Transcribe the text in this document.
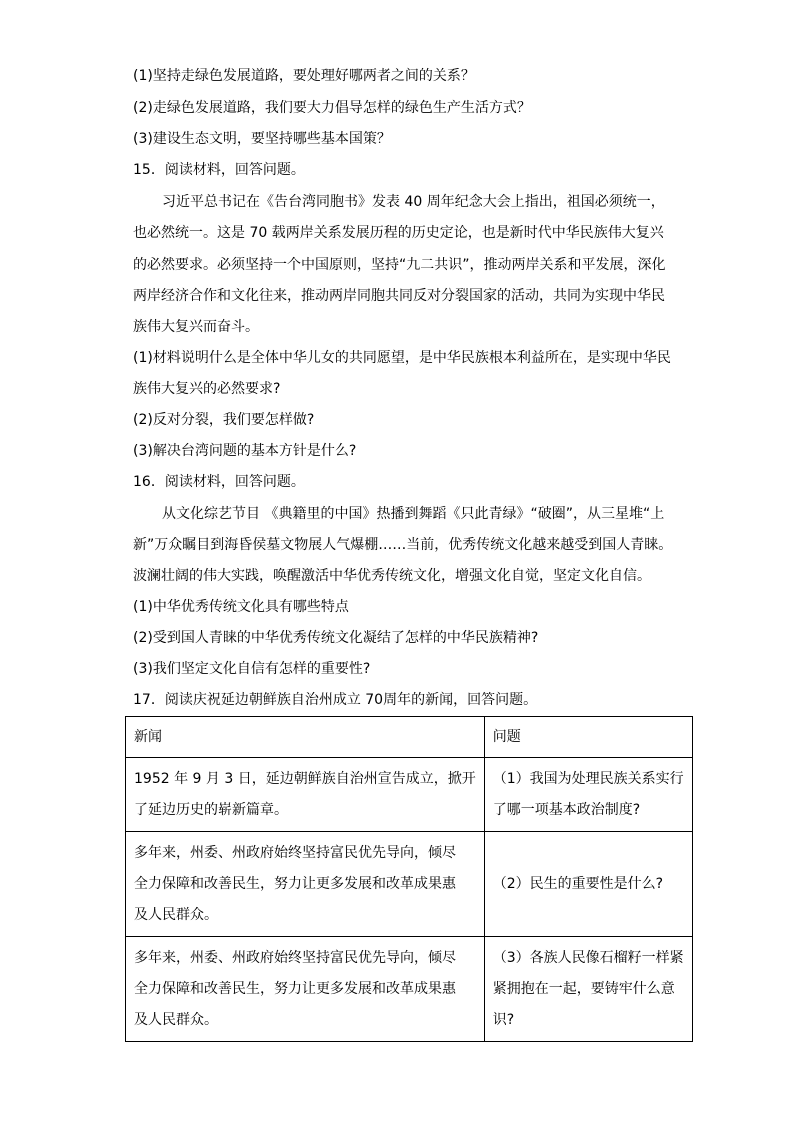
(1)坚持走绿色发展道路，要处理好哪两者之间的关系？
(2)走绿色发展道路，我们要大力倡导怎样的绿色生产生活方式？
(3)建设生态文明，要坚持哪些基本国策？
15．阅读材料，回答问题。
习近平总书记在《告台湾同胞书》发表 40 周年纪念大会上指出，祖国必须统一，
也必然统一。这是 70 载两岸关系发展历程的历史定论，也是新时代中华民族伟大复兴
的必然要求。必须坚持一个中国原则，坚持“九二共识”，推动两岸关系和平发展，深化
两岸经济合作和文化往来，推动两岸同胞共同反对分裂国家的活动，共同为实现中华民
族伟大复兴而奋斗。
(1)材料说明什么是全体中华儿女的共同愿望，是中华民族根本利益所在，是实现中华民
族伟大复兴的必然要求?
(2)反对分裂，我们要怎样做?
(3)解决台湾问题的基本方针是什么?
16．阅读材料，回答问题。
从文化综艺节目 《典籍里的中国》热播到舞蹈《只此青绿》“破圈”，从三星堆“上
新”万众瞩目到海昏侯墓文物展人气爆棚……当前，优秀传统文化越来越受到国人青睐。
波澜壮阔的伟大实践，唤醒激活中华优秀传统文化，增强文化自觉，坚定文化自信。
(1)中华优秀传统文化具有哪些特点
(2)受到国人青睐的中华优秀传统文化凝结了怎样的中华民族精神?
(3)我们坚定文化自信有怎样的重要性?
17．阅读庆祝延边朝鲜族自治州成立 70周年的新闻，回答问题。
新闻	问题

1952 年 9 月 3 日，延边朝鲜族自治州宣告成立，掀开
了延边历史的崭新篇章。	（1）我国为处理民族关系实行
了哪一项基本政治制度?

多年来，州委、州政府始终坚持富民优先导向，倾尽
全力保障和改善民生，努力让更多发展和改革成果惠
及人民群众。	（2）民生的重要性是什么?

多年来，州委、州政府始终坚持富民优先导向，倾尽
全力保障和改善民生，努力让更多发展和改革成果惠
及人民群众。	（3）各族人民像石榴籽一样紧
紧拥抱在一起，要铸牢什么意
识?
